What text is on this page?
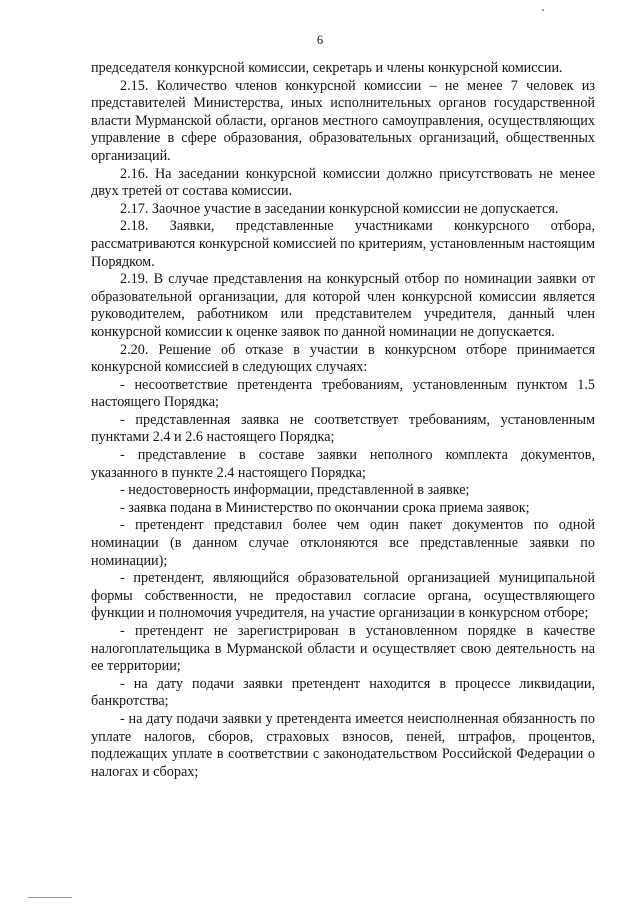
6

председателя конкурсной комиссии, секретарь и члены конкурсной комиссии.

2.15. Количество членов конкурсной комиссии – не менее 7 человек из представителей Министерства, иных исполнительных органов государственной власти Мурманской области, органов местного самоуправления, осуществляющих управление в сфере образования, образовательных организаций, общественных организаций.

2.16. На заседании конкурсной комиссии должно присутствовать не менее двух третей от состава комиссии.

2.17. Заочное участие в заседании конкурсной комиссии не допускается.

2.18. Заявки, представленные участниками конкурсного отбора, рассматриваются конкурсной комиссией по критериям, установленным настоящим Порядком.

2.19. В случае представления на конкурсный отбор по номинации заявки от образовательной организации, для которой член конкурсной комиссии является руководителем, работником или представителем учредителя, данный член конкурсной комиссии к оценке заявок по данной номинации не допускается.

2.20. Решение об отказе в участии в конкурсном отборе принимается конкурсной комиссией в следующих случаях:

- несоответствие претендента требованиям, установленным пунктом 1.5 настоящего Порядка;

- представленная заявка не соответствует требованиям, установленным пунктами 2.4 и 2.6 настоящего Порядка;

- представление в составе заявки неполного комплекта документов, указанного в пункте 2.4 настоящего Порядка;

- недостоверность информации, представленной в заявке;

- заявка подана в Министерство по окончании срока приема заявок;

- претендент представил более чем один пакет документов по одной номинации (в данном случае отклоняются все представленные заявки по номинации);

- претендент, являющийся образовательной организацией муниципальной формы собственности, не предоставил согласие органа, осуществляющего функции и полномочия учредителя, на участие организации в конкурсном отборе;

- претендент не зарегистрирован в установленном порядке в качестве налогоплательщика в Мурманской области и осуществляет свою деятельность на ее территории;

- на дату подачи заявки претендент находится в процессе ликвидации, банкротства;

- на дату подачи заявки у претендента имеется неисполненная обязанность по уплате налогов, сборов, страховых взносов, пеней, штрафов, процентов, подлежащих уплате в соответствии с законодательством Российской Федерации о налогах и сборах;
